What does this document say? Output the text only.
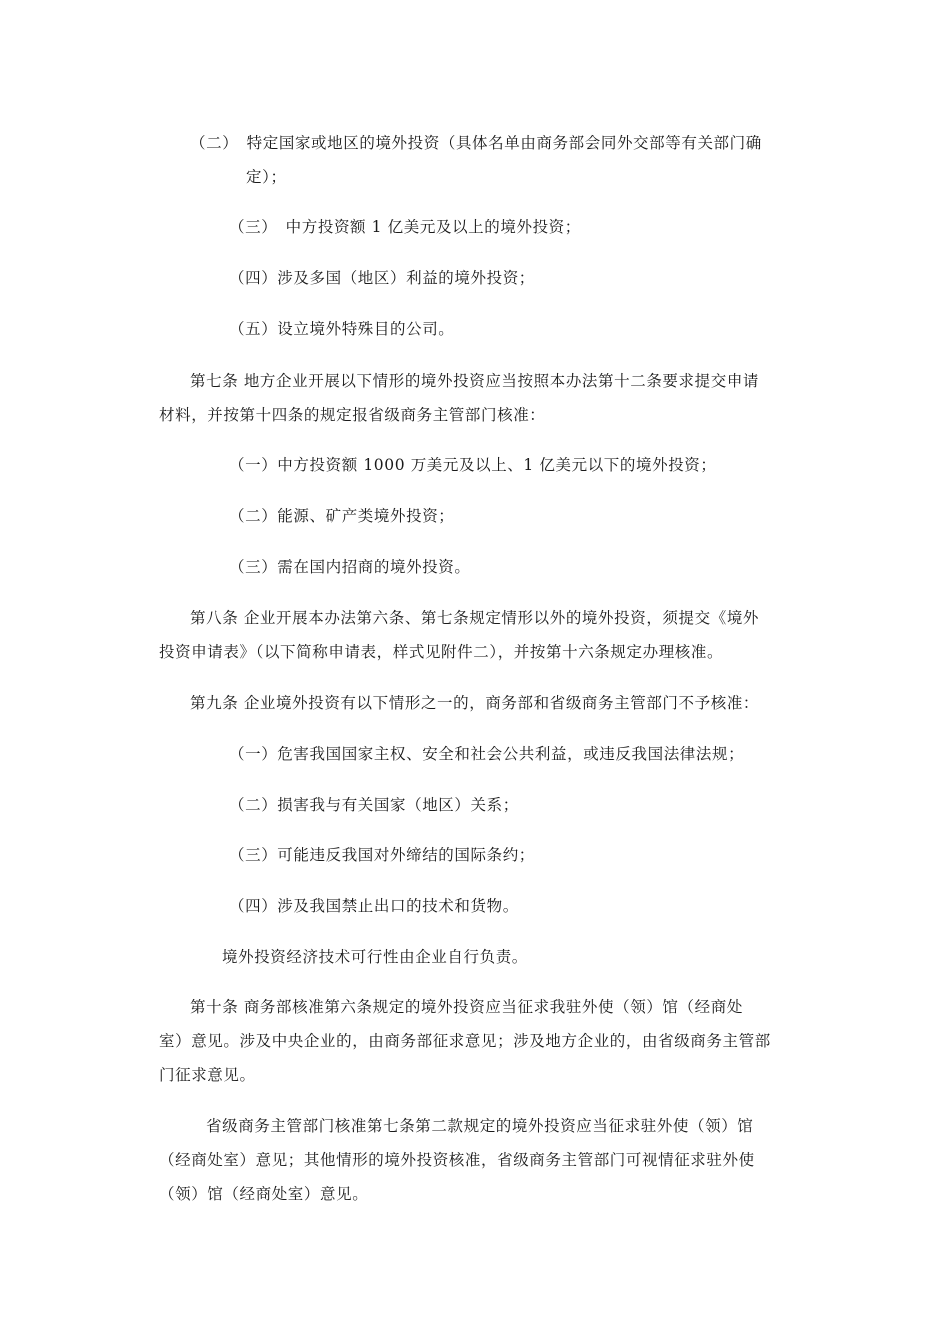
（二）　特定国家或地区的境外投资（具体名单由商务部会同外交部等有关部门确
定）；
（三）　中方投资额 1 亿美元及以上的境外投资；
（四）涉及多国（地区）利益的境外投资；
（五）设立境外特殊目的公司。
第七条 地方企业开展以下情形的境外投资应当按照本办法第十二条要求提交申请
材料，并按第十四条的规定报省级商务主管部门核准：
（一）中方投资额 1000 万美元及以上、1 亿美元以下的境外投资；
（二）能源、矿产类境外投资；
（三）需在国内招商的境外投资。
第八条 企业开展本办法第六条、第七条规定情形以外的境外投资，须提交《境外
投资申请表》（以下简称申请表，样式见附件二），并按第十六条规定办理核准。
第九条 企业境外投资有以下情形之一的，商务部和省级商务主管部门不予核准：
（一）危害我国国家主权、安全和社会公共利益，或违反我国法律法规；
（二）损害我与有关国家（地区）关系；
（三）可能违反我国对外缔结的国际条约；
（四）涉及我国禁止出口的技术和货物。
境外投资经济技术可行性由企业自行负责。
第十条 商务部核准第六条规定的境外投资应当征求我驻外使（领）馆（经商处
室）意见。涉及中央企业的，由商务部征求意见；涉及地方企业的，由省级商务主管部
门征求意见。
省级商务主管部门核准第七条第二款规定的境外投资应当征求驻外使（领）馆
（经商处室）意见；其他情形的境外投资核准，省级商务主管部门可视情征求驻外使
（领）馆（经商处室）意见。
